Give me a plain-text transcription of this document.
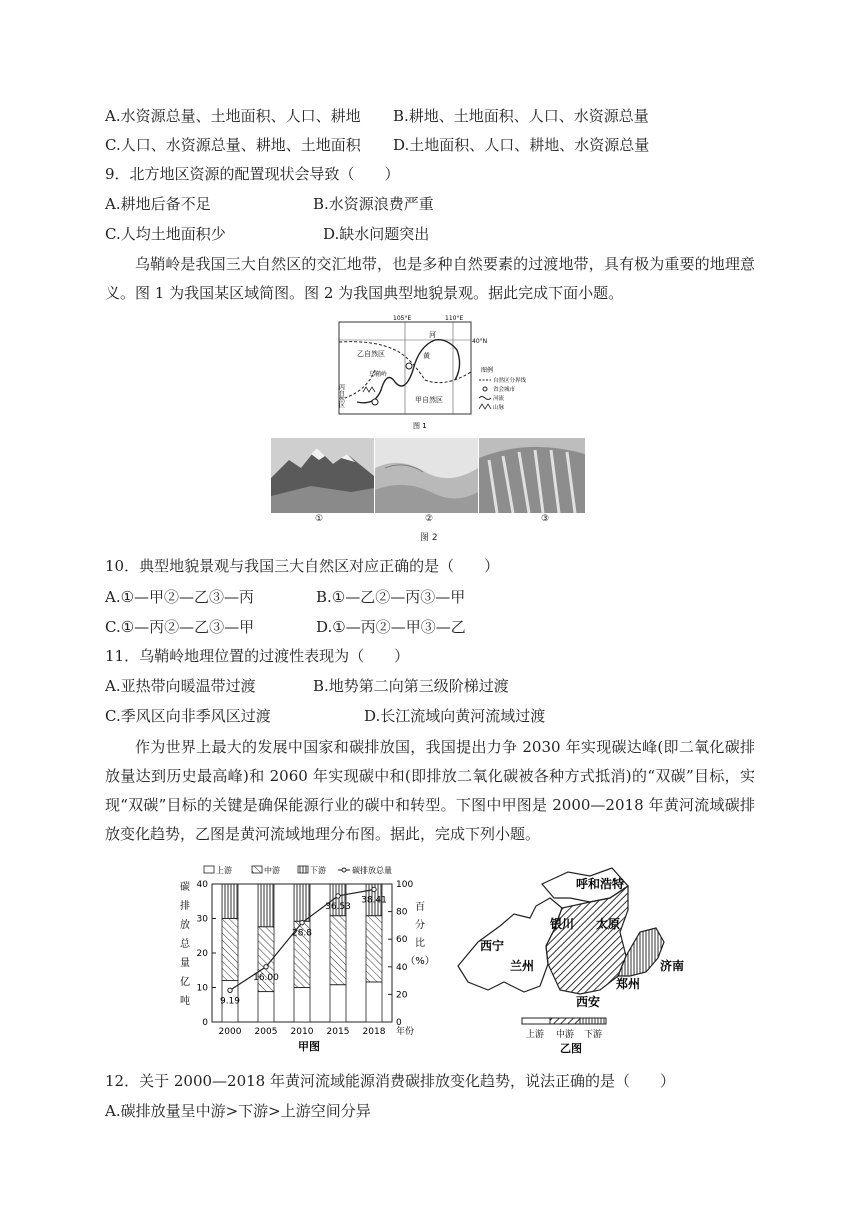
A.水资源总量、土地面积、人口、耕地 B.耕地、土地面积、人口、水资源总量
C.人口、水资源总量、耕地、土地面积 D.土地面积、人口、耕地、水资源总量
9．北方地区资源的配置现状会导致（　　）
A.耕地后备不足	B.水资源浪费严重
C.人均土地面积少	D.缺水问题突出
乌鞘岭是我国三大自然区的交汇地带，也是多种自然要素的过渡地带，具有极为重要的地理意义。图 1 为我国某区域简图。图 2 为我国典型地貌景观。据此完成下面小题。
105°E	110°E
40°N
乙自然区	黄
河
乌鞘岭
甲自然区
丙自然区
图例
自然区分界线
省会城市
河流
山脉
图 1
①	②	③
图 2
10．典型地貌景观与我国三大自然区对应正确的是（　　）
A.①—甲②—乙③—丙	B.①—乙②—丙③—甲
C.①—丙②—乙③—甲	D.①—丙②—甲③—乙
11．乌鞘岭地理位置的过渡性表现为（　　）
A.亚热带向暖温带过渡	B.地势第二向第三级阶梯过渡
C.季风区向非季风区过渡	D.长江流域向黄河流域过渡
作为世界上最大的发展中国家和碳排放国，我国提出力争 2030 年实现碳达峰(即二氧化碳排放量达到历史最高峰)和 2060 年实现碳中和(即排放二氧化碳被各种方式抵消)的“双碳”目标，实现“双碳”目标的关键是确保能源行业的碳中和转型。下图中甲图是 2000—2018 年黄河流域碳排放变化趋势，乙图是黄河流域地理分布图。据此，完成下列小题。
碳
排
放
总
量
亿
吨
百
分
比
（%）
9.19
16.00
28.8
36.53
38.41
0
10
20
30
40
0
20
40
60
80
100
2000 2005 2010 2015 2018 年份
上游	中游	下游	碳排放总量
甲图
呼和浩特
银川 太原
西宁
兰州	济南
郑州
西安
上游 中游 下游
乙图
12．关于 2000—2018 年黄河流域能源消费碳排放变化趋势，说法正确的是（　　）
A.碳排放量呈中游>下游>上游空间分异
